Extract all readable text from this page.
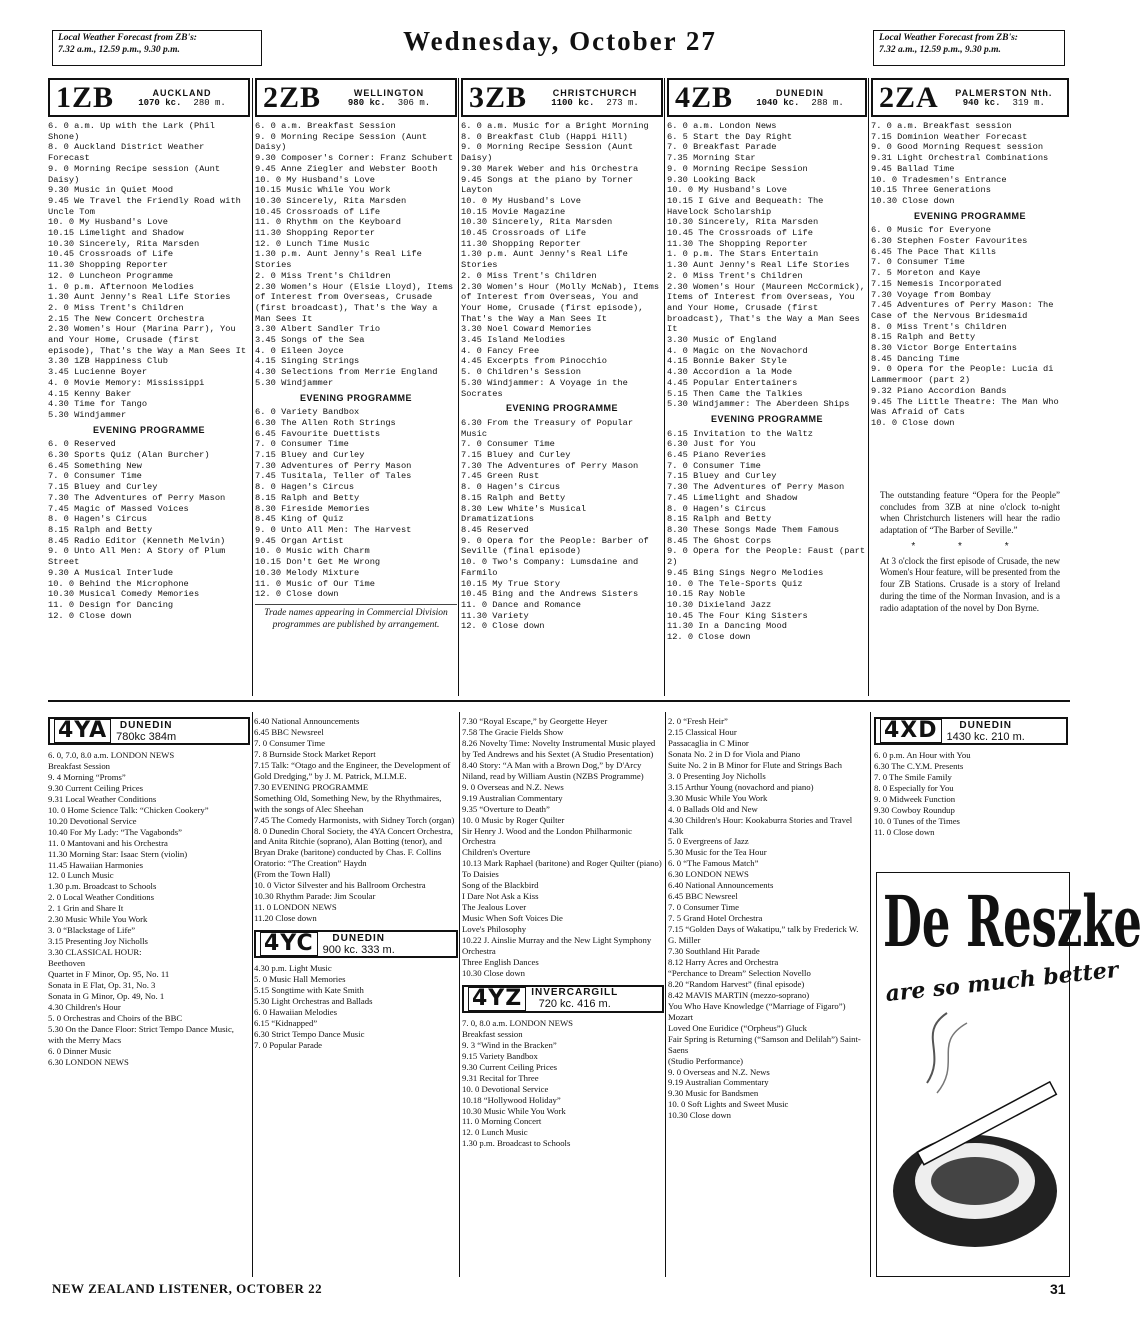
Local Weather Forecast from ZB's:
7.32 a.m., 12.59 p.m., 9.30 p.m.	Wednesday, October 27	Local Weather Forecast from ZB's:
7.32 a.m., 12.59 p.m., 9.30 p.m.
1ZB	AUCKLAND
1070 kc. 280 m.
6. 0 a.m. Up with the Lark (Phil Shone)
8. 0 Auckland District Weather Forecast
9. 0 Morning Recipe session (Aunt Daisy)
9.30 Music in Quiet Mood
9.45 We Travel the Friendly Road with Uncle Tom
10. 0 My Husband's Love
10.15 Limelight and Shadow
10.30 Sincerely, Rita Marsden
10.45 Crossroads of Life
11.30 Shopping Reporter
12. 0 Luncheon Programme
1. 0 p.m. Afternoon Melodies
1.30 Aunt Jenny's Real Life Stories
2. 0 Miss Trent's Children
2.15 The New Concert Orchestra
2.30 Women's Hour (Marina Parr), You and Your Home, Crusade (first episode), That's the Way a Man Sees It
3.30 1ZB Happiness Club
3.45 Lucienne Boyer
4. 0 Movie Memory: Mississippi
4.15 Kenny Baker
4.30 Time for Tango
5.30 Windjammer
EVENING PROGRAMME
6. 0 Reserved
6.30 Sports Quiz (Alan Burcher)
6.45 Something New
7. 0 Consumer Time
7.15 Bluey and Curley
7.30 The Adventures of Perry Mason
7.45 Magic of Massed Voices
8. 0 Hagen's Circus
8.15 Ralph and Betty
8.45 Radio Editor (Kenneth Melvin)
9. 0 Unto All Men: A Story of Plum Street
9.30 A Musical Interlude
10. 0 Behind the Microphone
10.30 Musical Comedy Memories
11. 0 Design for Dancing
12. 0 Close down
2ZB	WELLINGTON
980 kc. 306 m.
6. 0 a.m. Breakfast Session
9. 0 Morning Recipe Session (Aunt Daisy)
9.30 Composer's Corner: Franz Schubert
9.45 Anne Ziegler and Webster Booth
10. 0 My Husband's Love
10.15 Music While You Work
10.30 Sincerely, Rita Marsden
10.45 Crossroads of Life
11. 0 Rhythm on the Keyboard
11.30 Shopping Reporter
12. 0 Lunch Time Music
1.30 p.m. Aunt Jenny's Real Life Stories
2. 0 Miss Trent's Children
2.30 Women's Hour (Elsie Lloyd), Items of Interest from Overseas, Crusade (first broadcast), That's the Way a Man Sees It
3.30 Albert Sandler Trio
3.45 Songs of the Sea
4. 0 Eileen Joyce
4.15 Singing Strings
4.30 Selections from Merrie England
5.30 Windjammer
EVENING PROGRAMME
6. 0 Variety Bandbox
6.30 The Allen Roth Strings
6.45 Favourite Duettists
7. 0 Consumer Time
7.15 Bluey and Curley
7.30 Adventures of Perry Mason
7.45 Tusitala, Teller of Tales
8. 0 Hagen's Circus
8.15 Ralph and Betty
8.30 Fireside Memories
8.45 King of Quiz
9. 0 Unto All Men: The Harvest
9.45 Organ Artist
10. 0 Music with Charm
10.15 Don't Get Me Wrong
10.30 Melody Mixture
11. 0 Music of Our Time
12. 0 Close down
Trade names appearing in Commercial Division programmes are published by arrangement.
3ZB	CHRISTCHURCH
1100 kc. 273 m.
6. 0 a.m. Music for a Bright Morning
8. 0 Breakfast Club (Happi Hill)
9. 0 Morning Recipe Session (Aunt Daisy)
9.30 Marek Weber and his Orchestra
9.45 Songs at the piano by Torner Layton
10. 0 My Husband's Love
10.15 Movie Magazine
10.30 Sincerely, Rita Marsden
10.45 Crossroads of Life
11.30 Shopping Reporter
1.30 p.m. Aunt Jenny's Real Life Stories
2. 0 Miss Trent's Children
2.30 Women's Hour (Molly McNab), Items of Interest from Overseas, You and Your Home, Crusade (first episode), That's the Way a Man Sees It
3.30 Noel Coward Memories
3.45 Island Melodies
4. 0 Fancy Free
4.45 Excerpts from Pinocchio
5. 0 Children's Session
5.30 Windjammer: A Voyage in the Socrates
EVENING PROGRAMME
6.30 From the Treasury of Popular Music
7. 0 Consumer Time
7.15 Bluey and Curley
7.30 The Adventures of Perry Mason
7.45 Green Rust
8. 0 Hagen's Circus
8.15 Ralph and Betty
8.30 Lew White's Musical Dramatizations
8.45 Reserved
9. 0 Opera for the People: Barber of Seville (final episode)
10. 0 Two's Company: Lumsdaine and Farmilo
10.15 My True Story
10.45 Bing and the Andrews Sisters
11. 0 Dance and Romance
11.30 Variety
12. 0 Close down
4ZB	DUNEDIN
1040 kc. 288 m.
6. 0 a.m. London News
6. 5 Start the Day Right
7. 0 Breakfast Parade
7.35 Morning Star
9. 0 Morning Recipe Session
9.30 Looking Back
10. 0 My Husband's Love
10.15 I Give and Bequeath: The Havelock Scholarship
10.30 Sincerely, Rita Marsden
10.45 The Crossroads of Life
11.30 The Shopping Reporter
1. 0 p.m. The Stars Entertain
1.30 Aunt Jenny's Real Life Stories
2. 0 Miss Trent's Children
2.30 Women's Hour (Maureen McCormick), Items of Interest from Overseas, You and Your Home, Crusade (first broadcast), That's the Way a Man Sees It
3.30 Music of England
4. 0 Magic on the Novachord
4.15 Bonnie Baker Style
4.30 Accordion a la Mode
4.45 Popular Entertainers
5.15 Then Came the Talkies
5.30 Windjammer: The Aberdeen Ships
EVENING PROGRAMME
6.15 Invitation to the Waltz
6.30 Just for You
6.45 Piano Reveries
7. 0 Consumer Time
7.15 Bluey and Curley
7.30 The Adventures of Perry Mason
7.45 Limelight and Shadow
8. 0 Hagen's Circus
8.15 Ralph and Betty
8.30 These Songs Made Them Famous
8.45 The Ghost Corps
9. 0 Opera for the People: Faust (part 2)
9.45 Bing Sings Negro Melodies
10. 0 The Tele-Sports Quiz
10.15 Ray Noble
10.30 Dixieland Jazz
10.45 The Four King Sisters
11.30 In a Dancing Mood
12. 0 Close down
2ZA	PALMERSTON Nth.
940 kc. 319 m.
7. 0 a.m. Breakfast session
7.15 Dominion Weather Forecast
9. 0 Good Morning Request session
9.31 Light Orchestral Combinations
9.45 Ballad Time
10. 0 Tradesmen's Entrance
10.15 Three Generations
10.30 Close down
EVENING PROGRAMME
6. 0 Music for Everyone
6.30 Stephen Foster Favourites
6.45 The Pace That Kills
7. 0 Consumer Time
7. 5 Moreton and Kaye
7.15 Nemesis Incorporated
7.30 Voyage from Bombay
7.45 Adventures of Perry Mason: The Case of the Nervous Bridesmaid
8. 0 Miss Trent's Children
8.15 Ralph and Betty
8.30 Victor Borge Entertains
8.45 Dancing Time
9. 0 Opera for the People: Lucia di Lammermoor (part 2)
9.32 Piano Accordion Bands
9.45 The Little Theatre: The Man Who Was Afraid of Cats
10. 0 Close down
The outstanding feature “Opera for the People” concludes from 3ZB at nine o'clock to-night when Christchurch listeners will hear the radio adaptation of “The Barber of Seville.”
* * *
At 3 o'clock the first episode of Crusade, the new Women's Hour feature, will be presented from the four ZB Stations. Crusade is a story of Ireland during the time of the Norman Invasion, and is a radio adaptation of the novel by Don Byrne.
4YA	DUNEDIN
780kc 384m
6. 0, 7.0, 8.0 a.m. LONDON NEWS
Breakfast Session
9. 4 Morning “Proms”
9.30 Current Ceiling Prices
9.31 Local Weather Conditions
10. 0 Home Science Talk: “Chicken Cookery”
10.20 Devotional Service
10.40 For My Lady: “The Vagabonds”
11. 0 Mantovani and his Orchestra
11.30 Morning Star: Isaac Stern (violin)
11.45 Hawaiian Harmonies
12. 0 Lunch Music
1.30 p.m. Broadcast to Schools
2. 0 Local Weather Conditions
2. 1 Grin and Share It
2.30 Music While You Work
3. 0 “Blackstage of Life”
3.15 Presenting Joy Nicholls
3.30 CLASSICAL HOUR:
Beethoven
Quartet in F Minor, Op. 95, No. 11
Sonata in E Flat, Op. 31, No. 3
Sonata in G Minor, Op. 49, No. 1
4.30 Children's Hour
5. 0 Orchestras and Choirs of the BBC
5.30 On the Dance Floor: Strict Tempo Dance Music, with the Merry Macs
6. 0 Dinner Music
6.30 LONDON NEWS
6.40 National Announcements
6.45 BBC Newsreel
7. 0 Consumer Time
7. 8 Burnside Stock Market Report
7.15 Talk: “Otago and the Engineer, the Development of Gold Dredging,” by J. M. Patrick, M.I.M.E.
7.30 EVENING PROGRAMME
Something Old, Something New, by the Rhythmaires, with the songs of Alec Sheehan
7.45 The Comedy Harmonists, with Sidney Torch (organ)
8. 0 Dunedin Choral Society, the 4YA Concert Orchestra, and Anita Ritchie (soprano), Alan Botting (tenor), and Bryan Drake (baritone) conducted by Chas. F. Collins
Oratorio: “The Creation” Haydn
(From the Town Hall)
10. 0 Victor Silvester and his Ballroom Orchestra
10.30 Rhythm Parade: Jim Scoular
11. 0 LONDON NEWS
11.20 Close down
4YC	DUNEDIN
900 kc. 333 m.
4.30 p.m. Light Music
5. 0 Music Hall Memories
5.15 Songtime with Kate Smith
5.30 Light Orchestras and Ballads
6. 0 Hawaiian Melodies
6.15 “Kidnapped”
6.30 Strict Tempo Dance Music
7. 0 Popular Parade
7.30 “Royal Escape,” by Georgette Heyer
7.58 The Gracie Fields Show
8.26 Novelty Time: Novelty Instrumental Music played by Ted Andrews and his Sextet (A Studio Presentation)
8.40 Story: “A Man with a Brown Dog,” by D'Arcy Niland, read by William Austin (NZBS Programme)
9. 0 Overseas and N.Z. News
9.19 Australian Commentary
9.35 “Overture to Death”
10. 0 Music by Roger Quilter
Sir Henry J. Wood and the London Philharmonic Orchestra
Children's Overture
10.13 Mark Raphael (baritone) and Roger Quilter (piano)
To Daisies
Song of the Blackbird
I Dare Not Ask a Kiss
The Jealous Lover
Music When Soft Voices Die
Love's Philosophy
10.22 J. Ainslie Murray and the New Light Symphony Orchestra
Three English Dances
10.30 Close down
4YZ INVERCARGILL
720 kc. 416 m.
7. 0, 8.0 a.m. LONDON NEWS
Breakfast session
9. 3 “Wind in the Bracken”
9.15 Variety Bandbox
9.30 Current Ceiling Prices
9.31 Recital for Three
10. 0 Devotional Service
10.18 “Hollywood Holiday”
10.30 Music While You Work
11. 0 Morning Concert
12. 0 Lunch Music
1.30 p.m. Broadcast to Schools
2. 0 “Fresh Heir”
2.15 Classical Hour
Passacaglia in C Minor
Sonata No. 2 in D for Viola and Piano
Suite No. 2 in B Minor for Flute and Strings Bach
3. 0 Presenting Joy Nicholls
3.15 Arthur Young (novachord and piano)
3.30 Music While You Work
4. 0 Ballads Old and New
4.30 Children's Hour: Kookaburra Stories and Travel Talk
5. 0 Evergreens of Jazz
5.30 Music for the Tea Hour
6. 0 “The Famous Match”
6.30 LONDON NEWS
6.40 National Announcements
6.45 BBC Newsreel
7. 0 Consumer Time
7. 5 Grand Hotel Orchestra
7.15 “Golden Days of Wakatipu,” talk by Frederick W. G. Miller
7.30 Southland Hit Parade
8.12 Harry Acres and Orchestra
“Perchance to Dream” Selection Novello
8.20 “Random Harvest” (final episode)
8.42 MAVIS MARTIN (mezzo-soprano)
You Who Have Knowledge (“Marriage of Figaro”) Mozart
Loved One Euridice (“Orpheus”) Gluck
Fair Spring is Returning (“Samson and Delilah”) Saint-Saens
(Studio Performance)
9. 0 Overseas and N.Z. News
9.19 Australian Commentary
9.30 Music for Bandsmen
10. 0 Soft Lights and Sweet Music
10.30 Close down
4XD	DUNEDIN
1430 kc. 210 m.
6. 0 p.m. An Hour with You
6.30 The C.Y.M. Presents
7. 0 The Smile Family
8. 0 Especially for You
9. 0 Midweek Function
9.30 Cowboy Roundup
10. 0 Tunes of the Times
11. 0 Close down
De Reszke
are so much better
NEW ZEALAND LISTENER, OCTOBER 22	31
